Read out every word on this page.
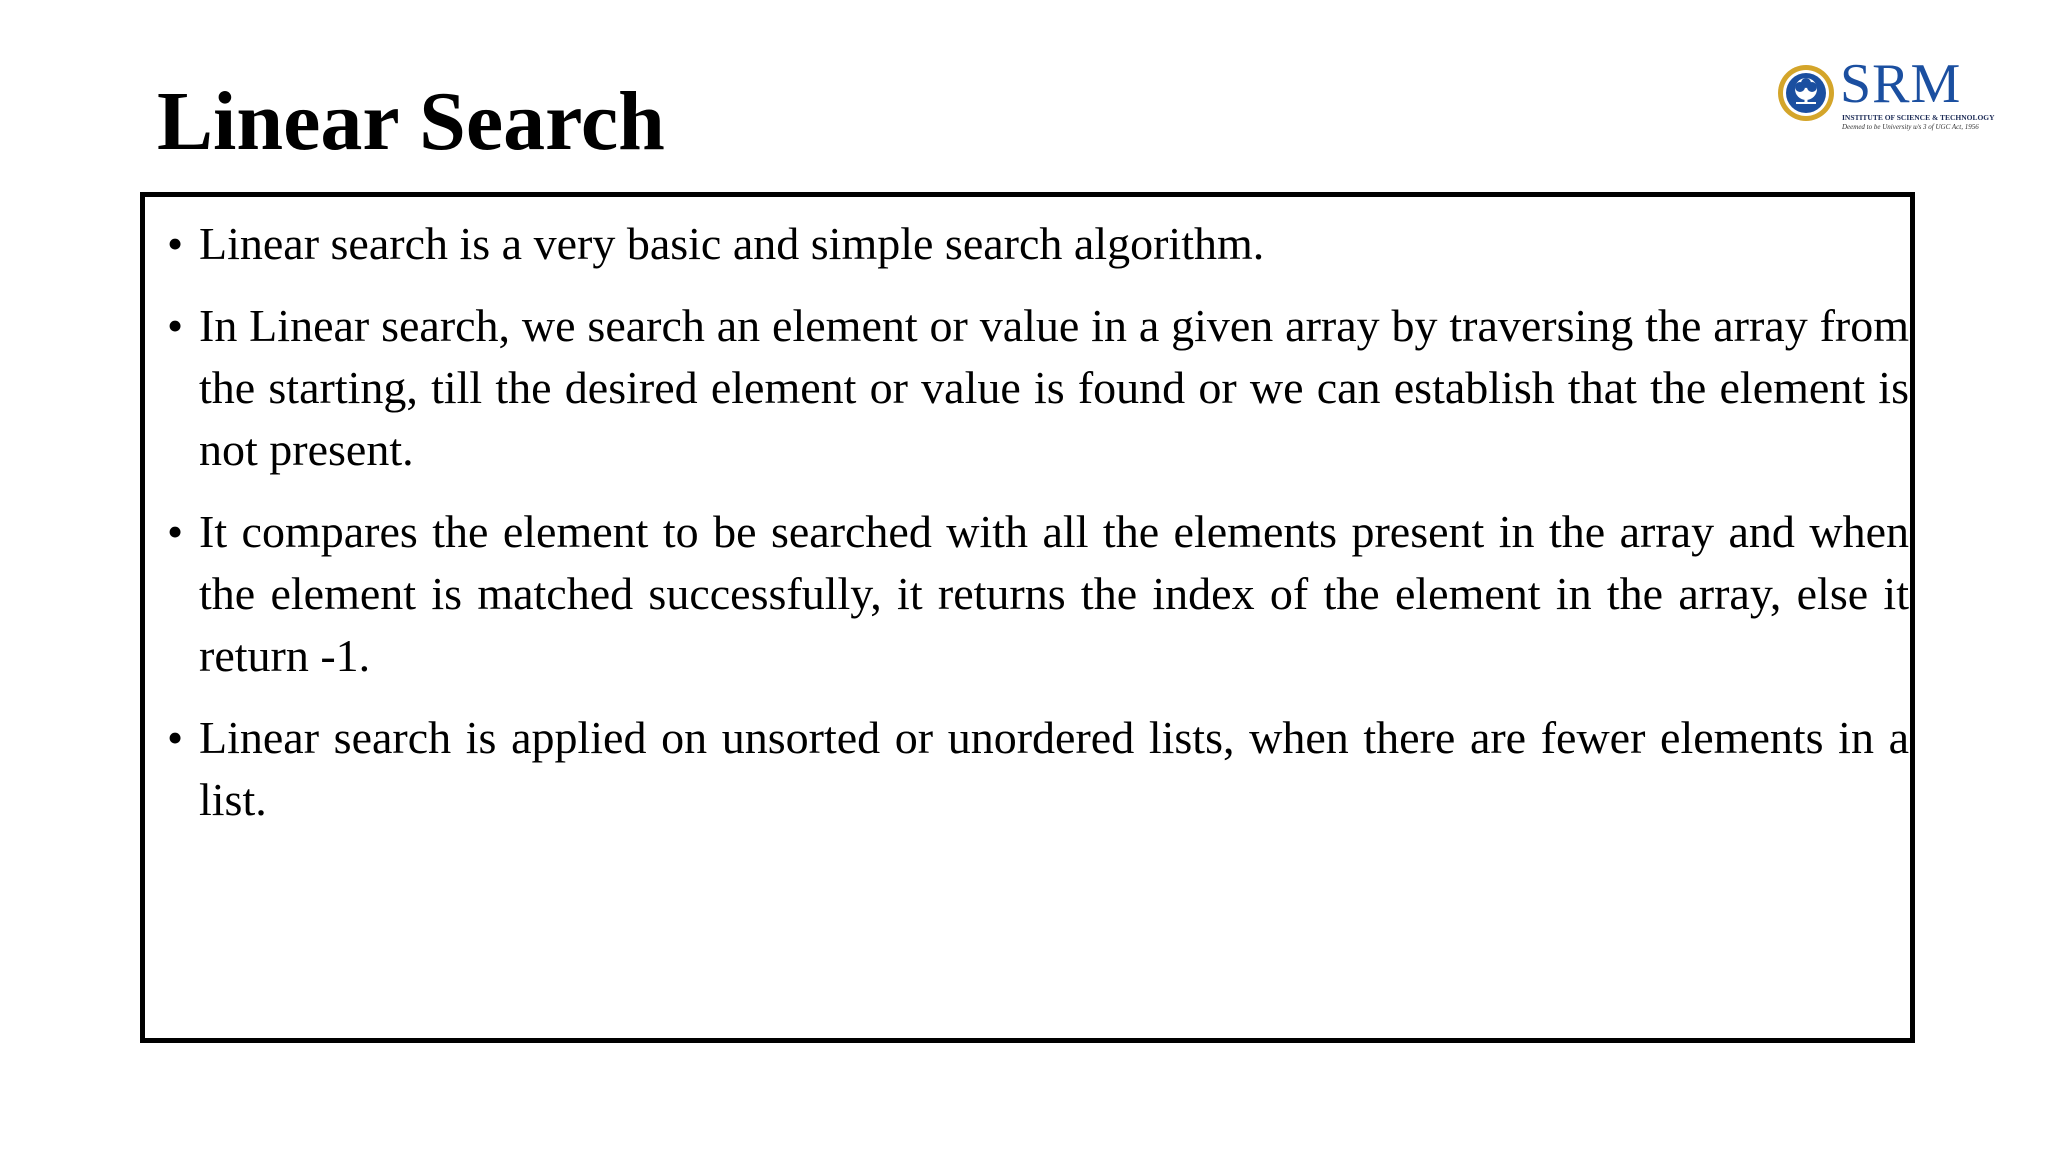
Linear Search	SRM
INSTITUTE OF SCIENCE & TECHNOLOGY
Deemed to be University u/s 3 of UGC Act, 1956
• Linear search is a very basic and simple search algorithm.
• In Linear search, we search an element or value in a given array by traversing the array from the starting, till the desired element or value is found or we can establish that the element is not present.
• It compares the element to be searched with all the elements present in the array and when the element is matched successfully, it returns the index of the element in the array, else it return -1.
• Linear search is applied on unsorted or unordered lists, when there are fewer elements in a list.
